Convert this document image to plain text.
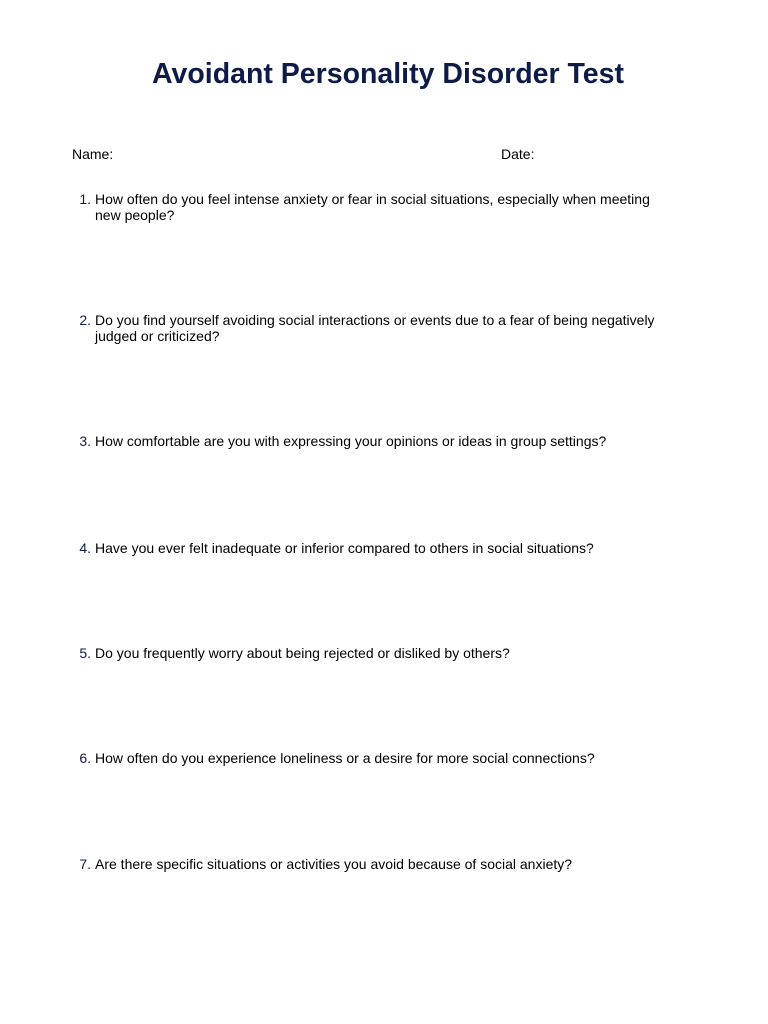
Avoidant Personality Disorder Test
Name:	Date:
1. How often do you feel intense anxiety or fear in social situations, especially when meeting new people?
2. Do you find yourself avoiding social interactions or events due to a fear of being negatively judged or criticized?
3. How comfortable are you with expressing your opinions or ideas in group settings?
4. Have you ever felt inadequate or inferior compared to others in social situations?
5. Do you frequently worry about being rejected or disliked by others?
6. How often do you experience loneliness or a desire for more social connections?
7. Are there specific situations or activities you avoid because of social anxiety?
